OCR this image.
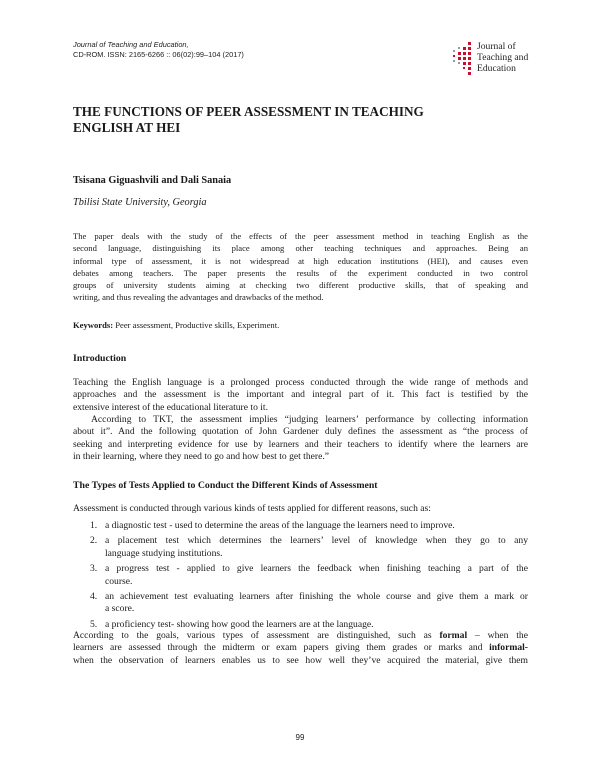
Journal of Teaching and Education,
CD-ROM. ISSN: 2165-6266 :: 06(02):99–104 (2017)
Journal of
Teaching and
Education
THE FUNCTIONS OF PEER ASSESSMENT IN TEACHING
ENGLISH AT HEI

Tsisana Giguashvili and Dali Sanaia

Tbilisi State University, Georgia

The paper deals with the study of the effects of the peer assessment method in teaching English as the
second language, distinguishing its place among other teaching techniques and approaches. Being an
informal type of assessment, it is not widespread at high education institutions (HEI), and causes even
debates among teachers. The paper presents the results of the experiment conducted in two control
groups of university students aiming at checking two different productive skills, that of speaking and
writing, and thus revealing the advantages and drawbacks of the method.

Keywords: Peer assessment, Productive skills, Experiment.

Introduction
Teaching the English language is a prolonged process conducted through the wide range of methods and
approaches and the assessment is the important and integral part of it. This fact is testified by the
extensive interest of the educational literature to it.
According to TKT, the assessment implies “judging learners’ performance by collecting information
about it”. And the following quotation of John Gardener duly defines the assessment as “the process of
seeking and interpreting evidence for use by learners and their teachers to identify where the learners are
in their learning, where they need to go and how best to get there.”
The Types of Tests Applied to Conduct the Different Kinds of Assessment
Assessment is conducted through various kinds of tests applied for different reasons, such as:
1. a diagnostic test - used to determine the areas of the language the learners need to improve.
2. a placement test which determines the learners’ level of knowledge when they go to any
language studying institutions.
3. a progress test - applied to give learners the feedback when finishing teaching a part of the
course.
4. an achievement test evaluating learners after finishing the whole course and give them a mark or
a score.
5. a proficiency test- showing how good the learners are at the language.
According to the goals, various types of assessment are distinguished, such as formal – when the
learners are assessed through the midterm or exam papers giving them grades or marks and informal-
when the observation of learners enables us to see how well they’ve acquired the material, give them
99
